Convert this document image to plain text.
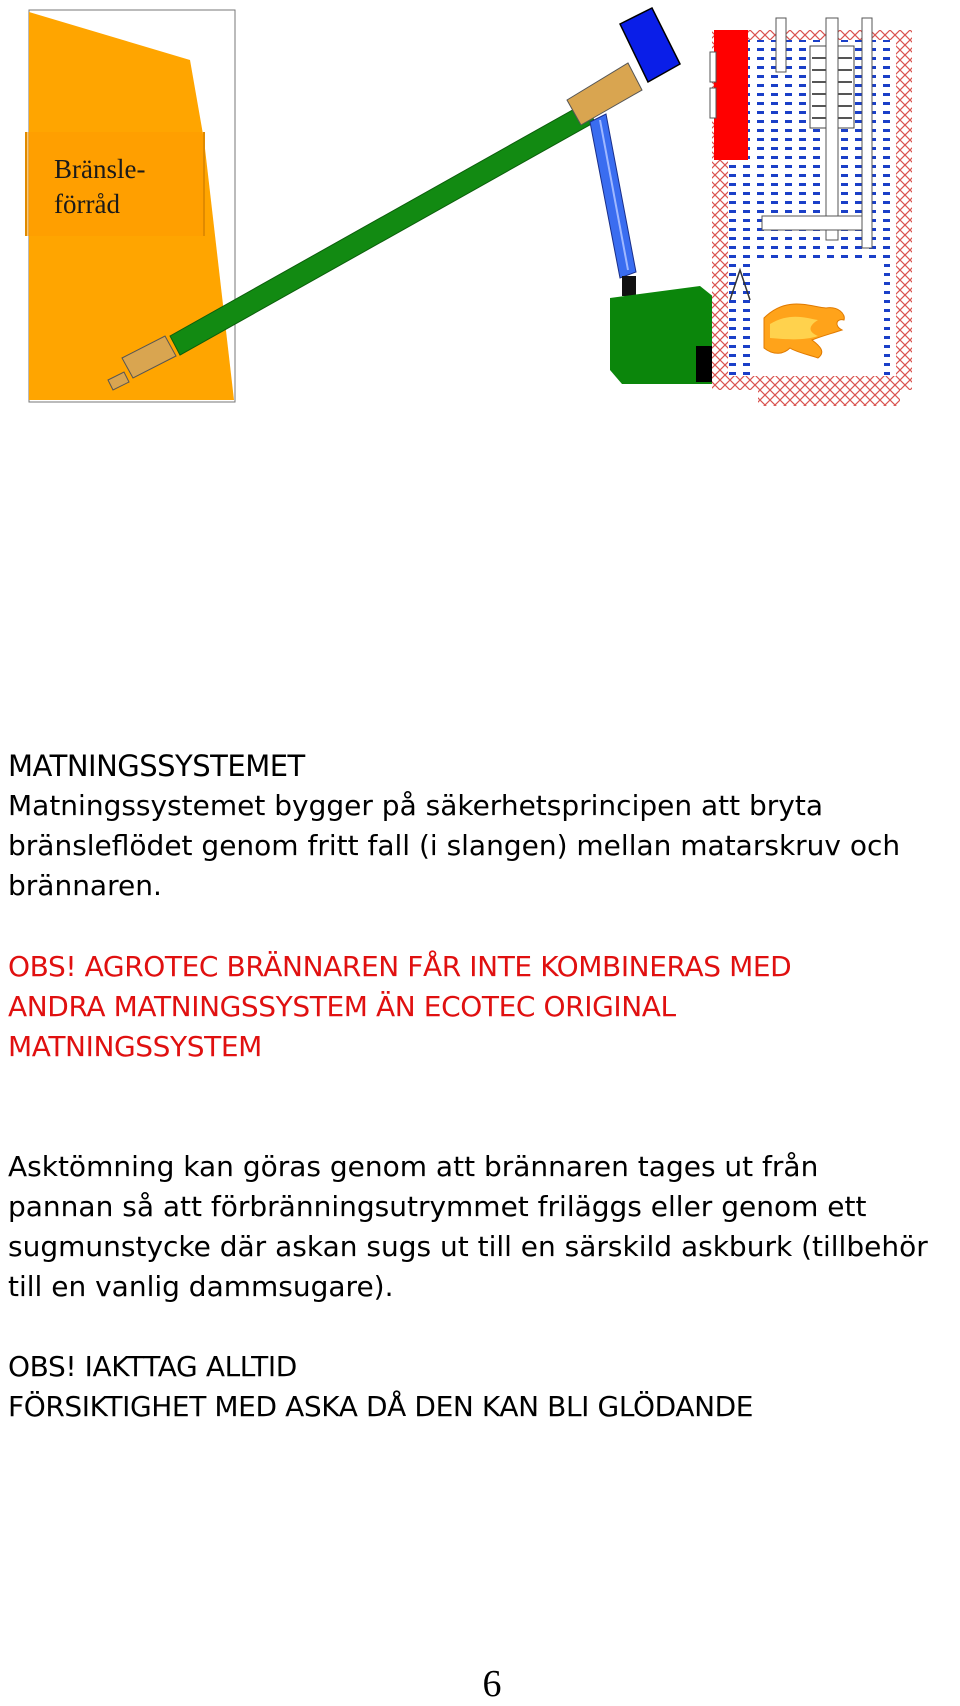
Bränsle-
förråd
MATNINGSSYSTEMET
Matningssystemet bygger på säkerhetsprincipen att bryta
bränsleflödet genom fritt fall (i slangen) mellan matarskruv och
brännaren.
OBS! AGROTEC BRÄNNAREN FÅR INTE KOMBINERAS MED
ANDRA MATNINGSSYSTEM ÄN ECOTEC ORIGINAL
MATNINGSSYSTEM
Asktömning kan göras genom att brännaren tages ut från
pannan så att förbränningsutrymmet friläggs eller genom ett
sugmunstycke där askan sugs ut till en särskild askburk (tillbehör
till en vanlig dammsugare).
OBS! IAKTTAG ALLTID
FÖRSIKTIGHET MED ASKA DÅ DEN KAN BLI GLÖDANDE
6
